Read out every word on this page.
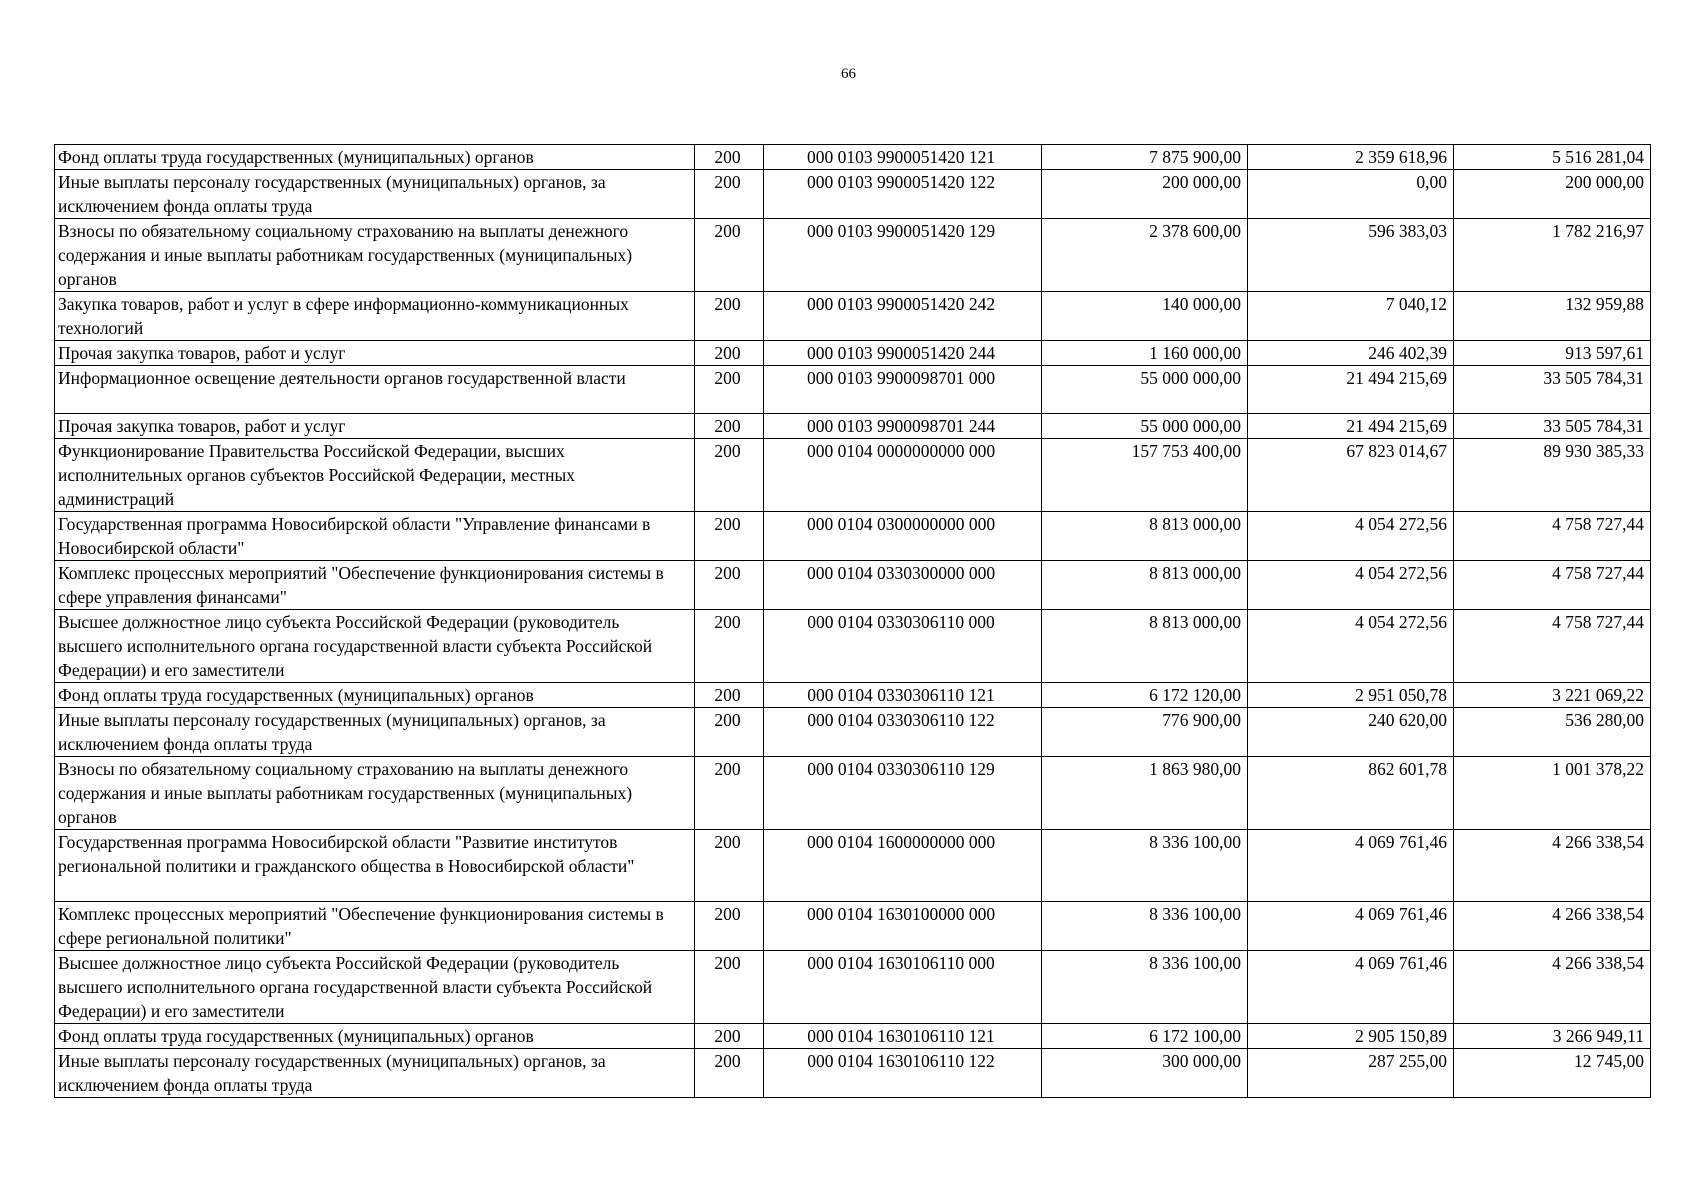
66
Фонд оплаты труда государственных (муниципальных) органов	200	000 0103 9900051420 121	7 875 900,00	2 359 618,96	5 516 281,04
Иные выплаты персоналу государственных (муниципальных) органов, за исключением фонда оплаты труда	200	000 0103 9900051420 122	200 000,00	0,00	200 000,00
Взносы по обязательному социальному страхованию на выплаты денежного содержания и иные выплаты работникам государственных (муниципальных) органов	200	000 0103 9900051420 129	2 378 600,00	596 383,03	1 782 216,97
Закупка товаров, работ и услуг в сфере информационно-коммуникационных технологий	200	000 0103 9900051420 242	140 000,00	7 040,12	132 959,88
Прочая закупка товаров, работ и услуг	200	000 0103 9900051420 244	1 160 000,00	246 402,39	913 597,61
Информационное освещение деятельности органов государственной власти	200	000 0103 9900098701 000	55 000 000,00	21 494 215,69	33 505 784,31
Прочая закупка товаров, работ и услуг	200	000 0103 9900098701 244	55 000 000,00	21 494 215,69	33 505 784,31
Функционирование Правительства Российской Федерации, высших исполнительных органов субъектов Российской Федерации, местных администраций	200	000 0104 0000000000 000	157 753 400,00	67 823 014,67	89 930 385,33
Государственная программа Новосибирской области "Управление финансами в Новосибирской области"	200	000 0104 0300000000 000	8 813 000,00	4 054 272,56	4 758 727,44
Комплекс процессных мероприятий "Обеспечение функционирования системы в сфере управления финансами"	200	000 0104 0330300000 000	8 813 000,00	4 054 272,56	4 758 727,44
Высшее должностное лицо субъекта Российской Федерации (руководитель высшего исполнительного органа государственной власти субъекта Российской Федерации) и его заместители	200	000 0104 0330306110 000	8 813 000,00	4 054 272,56	4 758 727,44
Фонд оплаты труда государственных (муниципальных) органов	200	000 0104 0330306110 121	6 172 120,00	2 951 050,78	3 221 069,22
Иные выплаты персоналу государственных (муниципальных) органов, за исключением фонда оплаты труда	200	000 0104 0330306110 122	776 900,00	240 620,00	536 280,00
Взносы по обязательному социальному страхованию на выплаты денежного содержания и иные выплаты работникам государственных (муниципальных) органов	200	000 0104 0330306110 129	1 863 980,00	862 601,78	1 001 378,22
Государственная программа Новосибирской области "Развитие институтов региональной политики и гражданского общества в Новосибирской области"	200	000 0104 1600000000 000	8 336 100,00	4 069 761,46	4 266 338,54
Комплекс процессных мероприятий "Обеспечение функционирования системы в сфере региональной политики"	200	000 0104 1630100000 000	8 336 100,00	4 069 761,46	4 266 338,54
Высшее должностное лицо субъекта Российской Федерации (руководитель высшего исполнительного органа государственной власти субъекта Российской Федерации) и его заместители	200	000 0104 1630106110 000	8 336 100,00	4 069 761,46	4 266 338,54
Фонд оплаты труда государственных (муниципальных) органов	200	000 0104 1630106110 121	6 172 100,00	2 905 150,89	3 266 949,11
Иные выплаты персоналу государственных (муниципальных) органов, за исключением фонда оплаты труда	200	000 0104 1630106110 122	300 000,00	287 255,00	12 745,00
